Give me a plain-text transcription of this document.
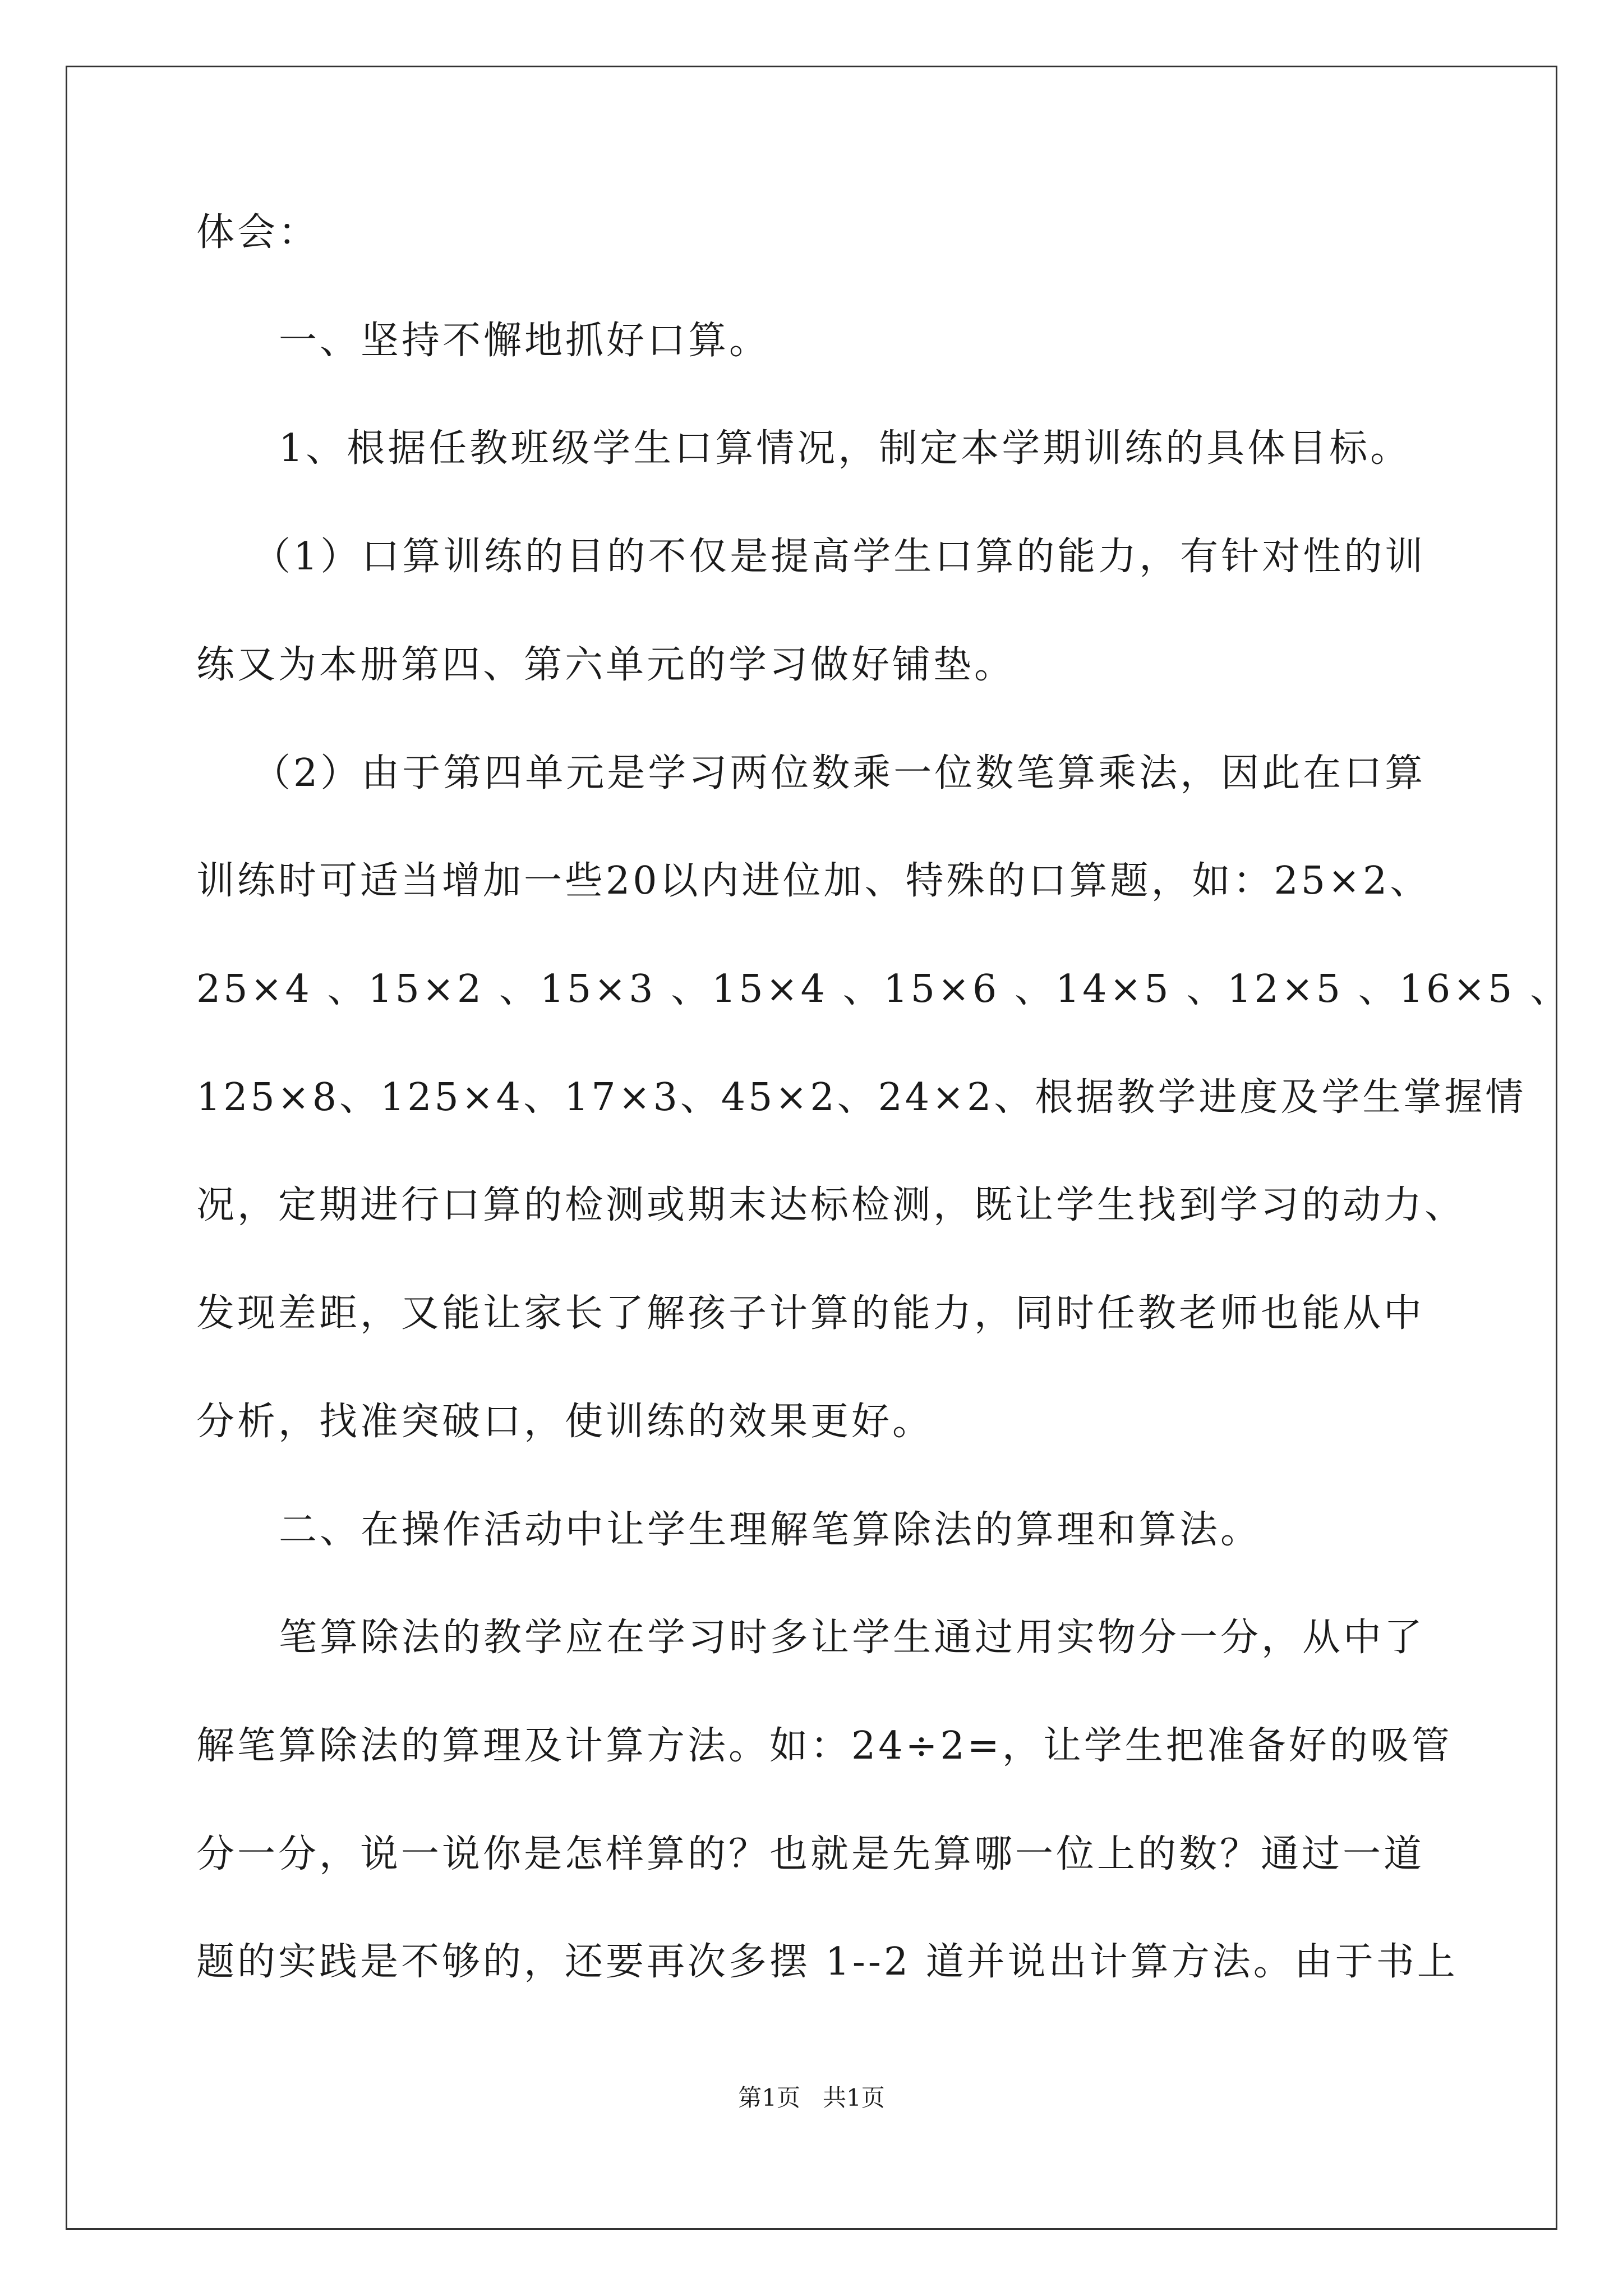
体会：
一、坚持不懈地抓好口算。
1、根据任教班级学生口算情况，制定本学期训练的具体目标。
（1）口算训练的目的不仅是提高学生口算的能力，有针对性的训
练又为本册第四、第六单元的学习做好铺垫。
（2）由于第四单元是学习两位数乘一位数笔算乘法，因此在口算
训练时可适当增加一些20以内进位加、特殊的口算题，如：25×2、
25×4 、15×2 、15×3 、15×4 、15×6 、14×5 、12×5 、16×5 、
125×8、125×4、17×3、45×2、24×2、根据教学进度及学生掌握情
况，定期进行口算的检测或期末达标检测，既让学生找到学习的动力、
发现差距，又能让家长了解孩子计算的能力，同时任教老师也能从中
分析，找准突破口，使训练的效果更好。
二、在操作活动中让学生理解笔算除法的算理和算法。
笔算除法的教学应在学习时多让学生通过用实物分一分，从中了
解笔算除法的算理及计算方法。如：24÷2=，让学生把准备好的吸管
分一分，说一说你是怎样算的？也就是先算哪一位上的数？通过一道
题的实践是不够的，还要再次多摆 1--2 道并说出计算方法。由于书上
第1页   共1页
